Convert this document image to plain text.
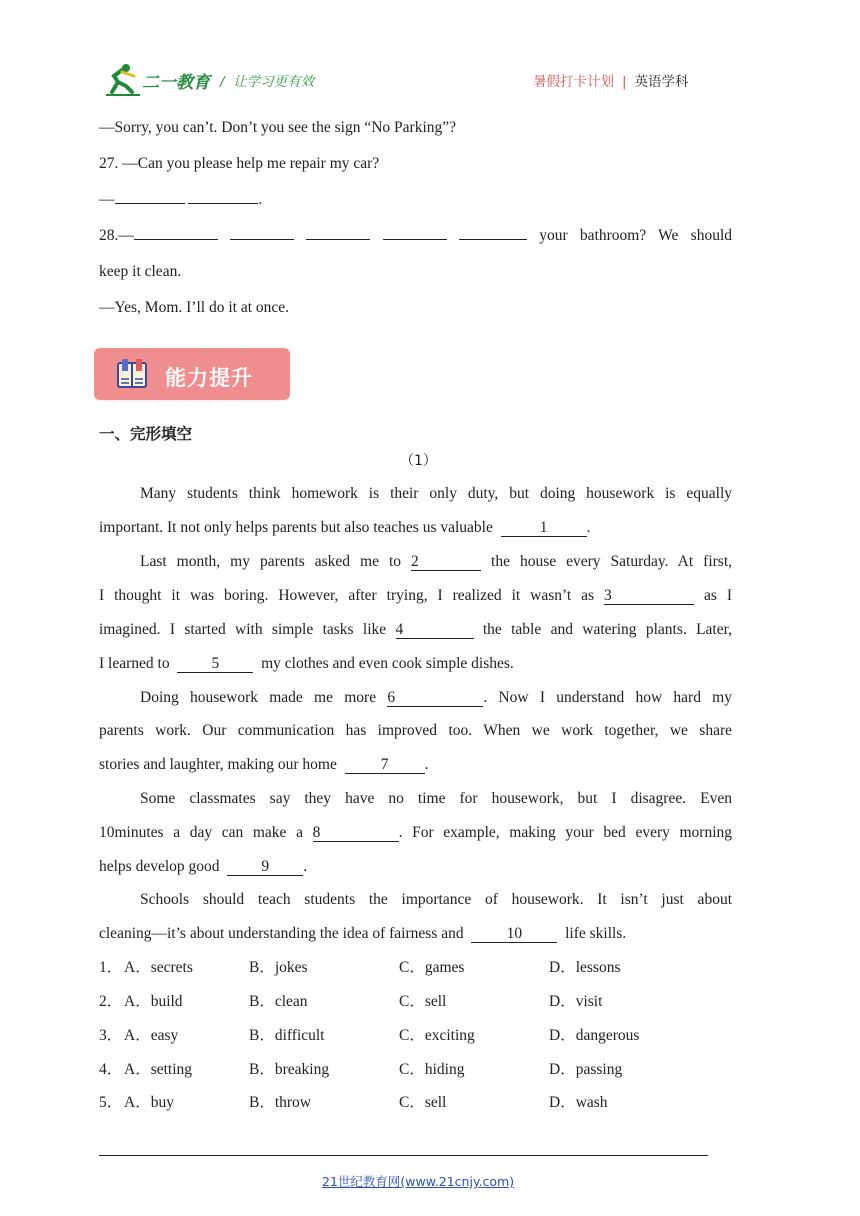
二一教育 / 让学习更有效	暑假打卡计划 | 英语学科
—Sorry, you can’t. Don’t you see the sign “No Parking”?
27. —Can you please help me repair my car?
—	.
28.—	your bathroom? We should
keep it clean.
—Yes, Mom. I’ll do it at once.
能力提升
一、完形填空
（1）
Many students think homework is their only duty, but doing housework is equally
important. It not only helps parents but also teaches us valuable	1	.
Last month, my parents asked me to 2	the house every Saturday. At first,
I thought it was boring. However, after trying, I realized it wasn’t as 3	as I
imagined. I started with simple tasks like 4	the table and watering plants. Later,
I learned to	5	my clothes and even cook simple dishes.
Doing housework made me more 6	. Now I understand how hard my
parents work. Our communication has improved too. When we work together, we share
stories and laughter, making our home	7 .
Some classmates say they have no time for housework, but I disagree. Even
10minutes a day can make a 8	. For example, making your bed every morning
helps develop good	9 .
Schools should teach students the importance of housework. It isn’t just about
cleaning—it’s about understanding the idea of fairness and	10	life skills.
1． A．secrets	B．jokes	C．games	D．lessons
2． A．build	B．clean	C．sell	D．visit
3． A．easy	B．difficult	C．exciting	D．dangerous
4． A．setting	B．breaking	C．hiding	D．passing
5． A．buy	B．throw	C．sell	D．wash
21世纪教育网(www.21cnjy.com)
